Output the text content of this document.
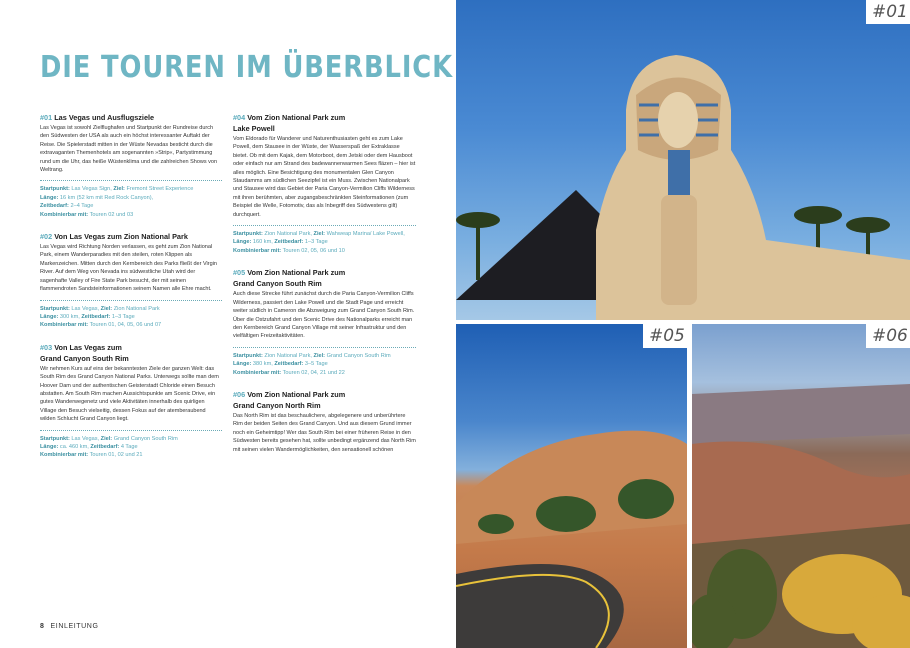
DIE TOUREN IM ÜBERBLICK
#01 Las Vegas und Ausflugsziele
Las Vegas ist sowohl Zielflughafen und Startpunkt der Rundreise durch den Südwesten der USA als auch ein höchst interessanter Auftakt der Reise. Die Spielerstadt mitten in der Wüste Nevadas besticht durch die extravaganten Themenhotels am sogenannten »Strip«, Partystimmung rund um die Uhr, das heiße Wüstenklima und die zahlreichen Shows von Weltrang.
Startpunkt: Las Vegas Sign, Ziel: Fremont Street Experience
Länge: 16 km (52 km mit Red Rock Canyon),
Zeitbedarf: 2–4 Tage
Kombinierbar mit: Touren 02 und 03
#02 Von Las Vegas zum Zion National Park
Las Vegas wird Richtung Norden verlassen, es geht zum Zion National Park, einem Wanderparadies mit den steilen, roten Klippen als Markenzeichen. Mitten durch den Kernbereich des Parks fließt der Virgin River. Auf dem Weg von Nevada ins südwestliche Utah wird der sagenhafte Valley of Fire State Park besucht, der mit seinen flammendroten Sandsteinformationen seinem Namen alle Ehre macht.
Startpunkt: Las Vegas, Ziel: Zion National Park
Länge: 300 km, Zeitbedarf: 1–3 Tage
Kombinierbar mit: Touren 01, 04, 05, 06 und 07
#03 Von Las Vegas zum
Grand Canyon South Rim
Wir nehmen Kurs auf eins der bekanntesten Ziele der ganzen Welt: das South Rim des Grand Canyon National Parks. Unterwegs sollte man dem Hoover Dam und der authentischen Geisterstadt Chloride einen Besuch abstatten. Am South Rim machen Aussichtspunkte am Scenic Drive, ein gutes Wanderwegenetz und viele Aktivitäten innerhalb des quirligen Village den Besuch vielseitig, dessen Fokus auf der atemberaubend wilden Schlucht Grand Canyon liegt.
Startpunkt: Las Vegas, Ziel: Grand Canyon South Rim
Länge: ca. 460 km, Zeitbedarf: 4 Tage
Kombinierbar mit: Touren 01, 02 und 21
#04 Vom Zion National Park zum
Lake Powell
Vom Eldorado für Wanderer und Naturenthusiasten geht es zum Lake Powell, dem Stausee in der Wüste, der Wasserspaß der Extraklasse bietet. Ob mit dem Kajak, dem Motorboot, dem Jetski oder dem Hausboot oder einfach nur am Strand des badewannenwarmen Sees fläzen – hier ist alles möglich. Eine Besichtigung des monumentalen Glen Canyon Staudamms am südlichen Seezipfel ist ein Muss. Zwischen Nationalpark und Stausee wird das Gebiet der Paria Canyon-Vermilion Cliffs Wilderness mit ihren berühmten, aber zugangsbeschränkten Steinformationen (zum Beispiel die Welle, Fotomotiv, das als Inbegriff des Südwestens gilt) durchquert.
Startpunkt: Zion National Park, Ziel: Wahweap Marina/ Lake Powell,
Länge: 160 km, Zeitbedarf: 1–3 Tage
Kombinierbar mit: Touren 02, 05, 06 und 10
#05 Vom Zion National Park zum
Grand Canyon South Rim
Auch diese Strecke führt zunächst durch die Paria Canyon-Vermilion Cliffs Wilderness, passiert den Lake Powell und die Stadt Page und erreicht weiter südlich in Cameron die Abzweigung zum Grand Canyon South Rim. Über die Ostzufahrt und den Scenic Drive des Nationalparks erreicht man den Kernbereich Grand Canyon Village mit seiner Infrastruktur und den vielfältigen Freizeitaktivitäten.
Startpunkt: Zion National Park, Ziel: Grand Canyon South Rim
Länge: 380 km, Zeitbedarf: 3–5 Tage
Kombinierbar mit: Touren 02, 04, 21 und 22
#06 Vom Zion National Park zum
Grand Canyon North Rim
Das North Rim ist das beschaulichere, abgelegenere und unberührtere Rim der beiden Seiten des Grand Canyon. Und aus diesem Grund immer noch ein Geheimtipp! Wer das South Rim bei einer früheren Reise in den Südwesten bereits gesehen hat, sollte unbedingt ergänzend das North Rim mit seinen vielen Wandermöglichkeiten, den sensationell schönen
8 EINLEITUNG
#01
#05	#06
